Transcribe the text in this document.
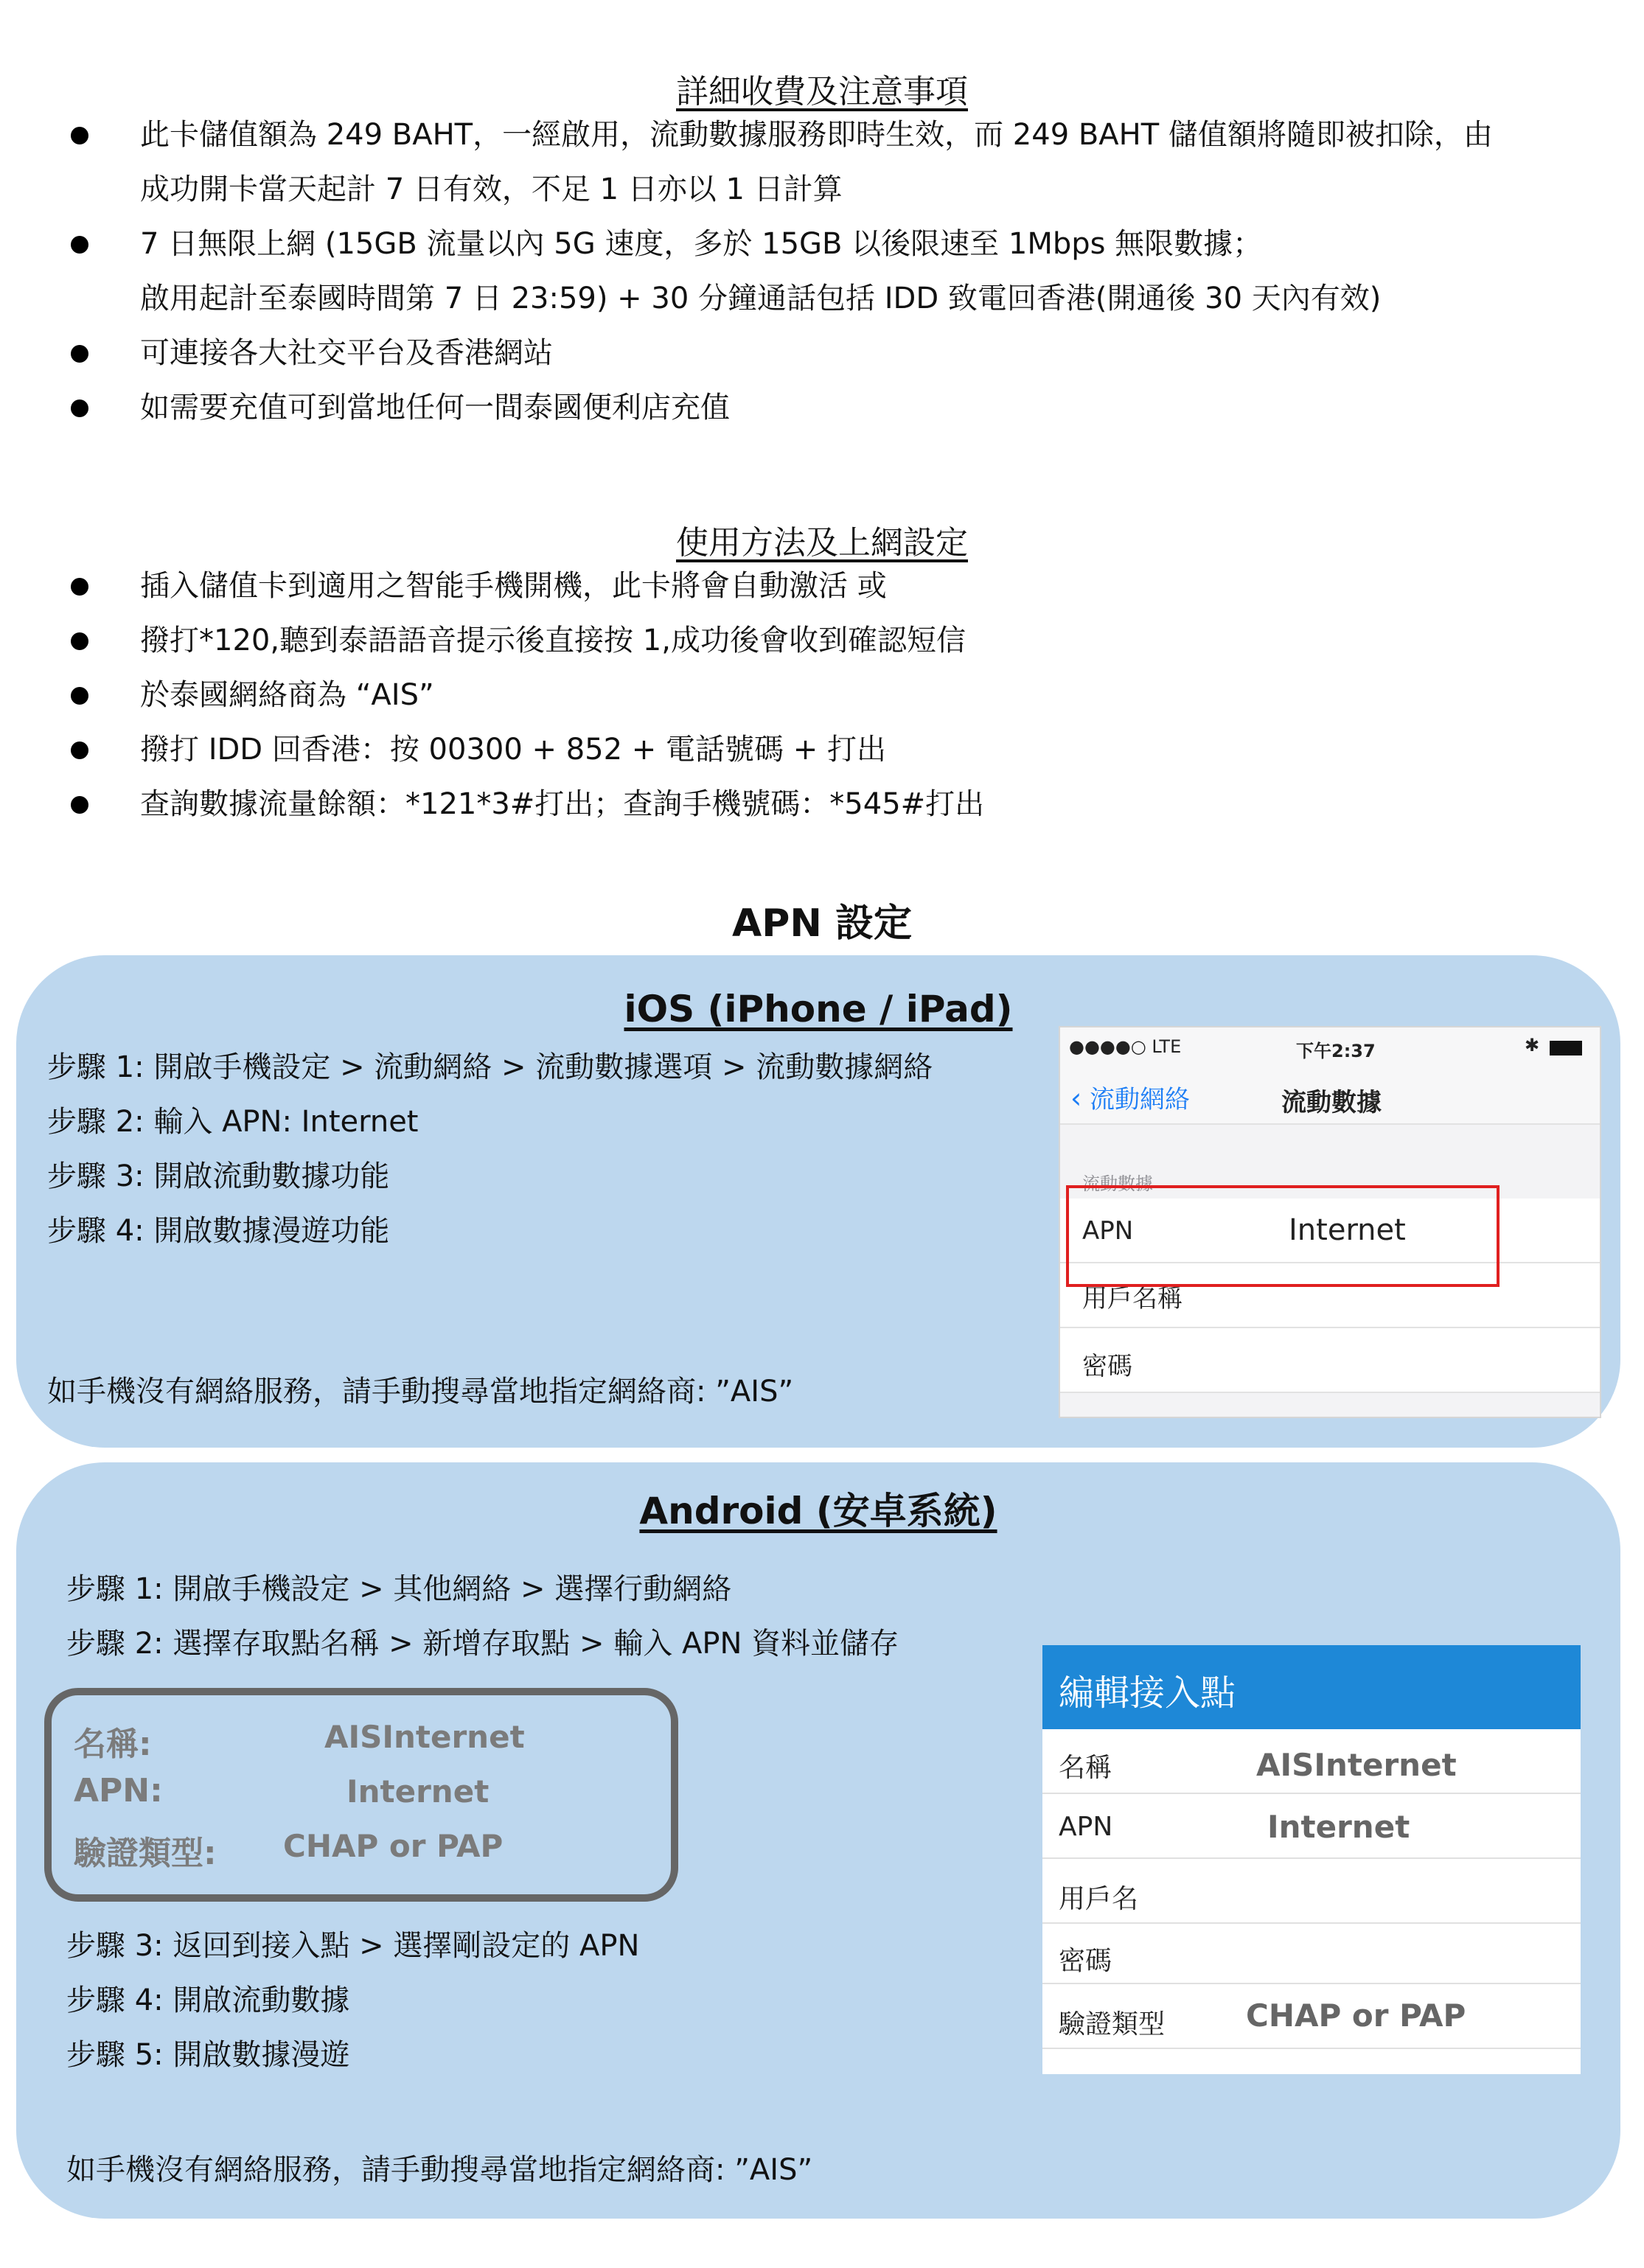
詳細收費及注意事項
此卡儲值額為 249 BAHT，一經啟用，流動數據服務即時生效，而 249 BAHT 儲值額將隨即被扣除，由
成功開卡當天起計 7 日有效，不足 1 日亦以 1 日計算
7 日無限上網 (15GB 流量以內 5G 速度，多於 15GB 以後限速至 1Mbps 無限數據；
啟用起計至泰國時間第 7 日 23:59) + 30 分鐘通話包括 IDD 致電回香港(開通後 30 天內有效)
可連接各大社交平台及香港網站
如需要充值可到當地任何一間泰國便利店充值
使用方法及上網設定
插入儲值卡到適用之智能手機開機，此卡將會自動激活 或
撥打*120,聽到泰語語音提示後直接按 1,成功後會收到確認短信
於泰國網絡商為 “AIS”
撥打 IDD 回香港：按 00300 + 852 + 電話號碼 + 打出
查詢數據流量餘額：*121*3#打出；查詢手機號碼：*545#打出
APN 設定
iOS (iPhone / iPad)
步驟 1: 開啟手機設定 > 流動網絡 > 流動數據選項 > 流動數據網絡
步驟 2: 輸入 APN: Internet
步驟 3: 開啟流動數據功能
步驟 4: 開啟數據漫遊功能
如手機沒有網絡服務，請手動搜尋當地指定網絡商: ”AIS”
●●●●○ LTE	下午2:37	✱
‹ 流動網絡	流動數據
流動數據
APN	Internet
用戶名稱
密碼
Android (安卓系統)
步驟 1: 開啟手機設定 > 其他網絡 > 選擇行動網絡
步驟 2: 選擇存取點名稱 > 新增存取點 > 輸入 APN 資料並儲存
名稱:	AISInternet
APN:	Internet
驗證類型: CHAP or PAP
步驟 3: 返回到接入點 > 選擇剛設定的 APN
步驟 4: 開啟流動數據
步驟 5: 開啟數據漫遊
如手機沒有網絡服務，請手動搜尋當地指定網絡商: ”AIS”
編輯接入點
名稱	AISInternet
APN	Internet
用戶名
密碼
驗證類型	CHAP or PAP
